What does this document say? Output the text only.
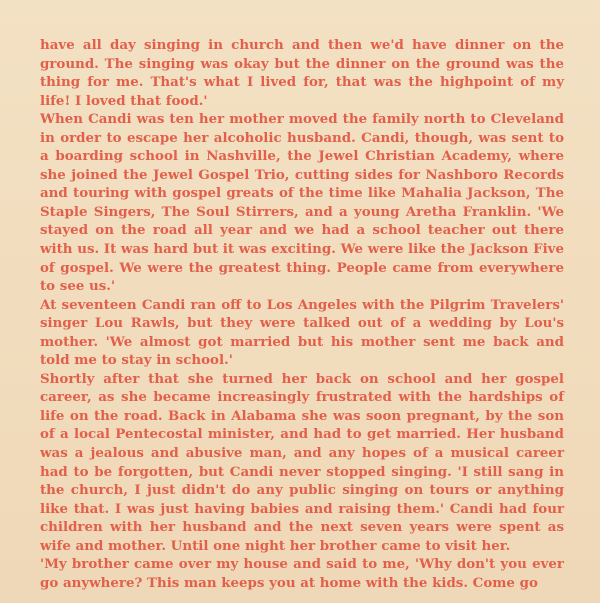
have all day singing in church and then we'd have dinner on the ground. The singing was okay but the dinner on the ground was the thing for me. That's what I lived for, that was the highpoint of my life! I loved that food.'

When Candi was ten her mother moved the family north to Cleveland in order to escape her alcoholic husband. Candi, though, was sent to a boarding school in Nashville, the Jewel Christian Academy, where she joined the Jewel Gospel Trio, cutting sides for Nashboro Records and touring with gospel greats of the time like Mahalia Jackson, The Staple Singers, The Soul Stirrers, and a young Aretha Franklin. 'We stayed on the road all year and we had a school teacher out there with us. It was hard but it was exciting. We were like the Jackson Five of gospel. We were the greatest thing. People came from everywhere to see us.'

At seventeen Candi ran off to Los Angeles with the Pilgrim Travelers' singer Lou Rawls, but they were talked out of a wedding by Lou's mother. 'We almost got married but his mother sent me back and told me to stay in school.'

Shortly after that she turned her back on school and her gospel career, as she became increasingly frustrated with the hardships of life on the road. Back in Alabama she was soon pregnant, by the son of a local Pentecostal minister, and had to get married. Her husband was a jealous and abusive man, and any hopes of a musical career had to be forgotten, but Candi never stopped singing. 'I still sang in the church, I just didn't do any public singing on tours or anything like that. I was just having babies and raising them.' Candi had four children with her husband and the next seven years were spent as wife and mother. Until one night her brother came to visit her.

'My brother came over my house and said to me, 'Why don't you ever go anywhere? This man keeps you at home with the kids. Come go
